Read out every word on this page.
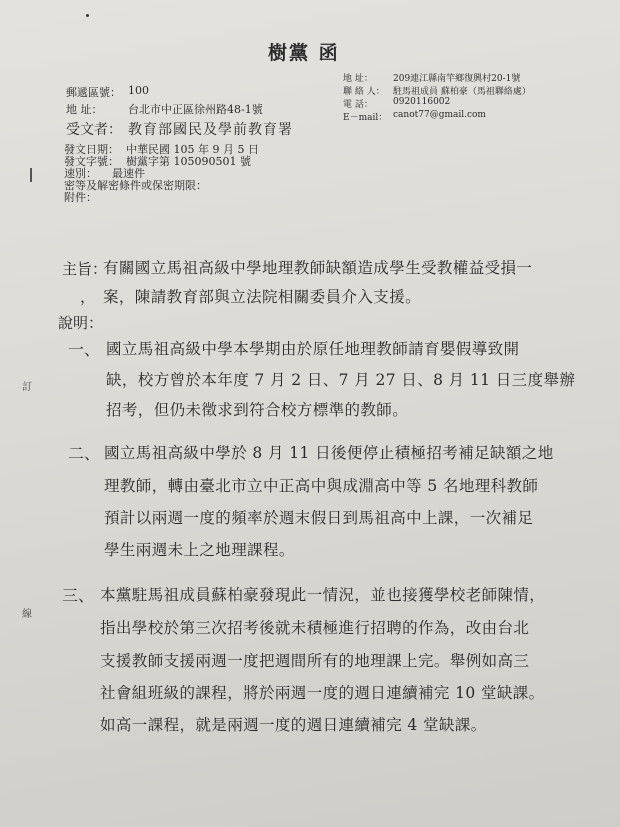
樹黨 函
地 址： 209連江縣南竿鄉復興村20-1號
聯 絡 人： 駐馬祖成員 蘇柏豪（馬祖聯絡處）
電 話： 0920116002
E－mail： canot77@gmail.com
郵遞區號： 100
地 址： 台北市中正區徐州路48-1號
受文者： 教育部國民及學前教育署
發文日期： 中華民國 105 年 9 月 5 日
發文字號： 樹黨字第 105090501 號
速別： 最速件
密等及解密條件或保密期限：
附件：
主旨：
有關國立馬祖高級中學地理教師缺額造成學生受教權益受損一
， 案，陳請教育部與立法院相關委員介入支援。
說明：
一、 國立馬祖高級中學本學期由於原任地理教師請育嬰假導致開
缺，校方曾於本年度 7 月 2 日、7 月 27 日、8 月 11 日三度舉辦
招考，但仍未徵求到符合校方標準的教師。
二、 國立馬祖高級中學於 8 月 11 日後便停止積極招考補足缺額之地
理教師，轉由臺北市立中正高中與成淵高中等 5 名地理科教師
預計以兩週一度的頻率於週末假日到馬祖高中上課，一次補足
學生兩週未上之地理課程。
三、 本黨駐馬祖成員蘇柏豪發現此一情況，並也接獲學校老師陳情，
指出學校於第三次招考後就未積極進行招聘的作為，改由台北
支援教師支援兩週一度把週間所有的地理課上完。舉例如高三
社會組班級的課程，將於兩週一度的週日連續補完 10 堂缺課。
如高一課程，就是兩週一度的週日連續補完 4 堂缺課。
訂
線
